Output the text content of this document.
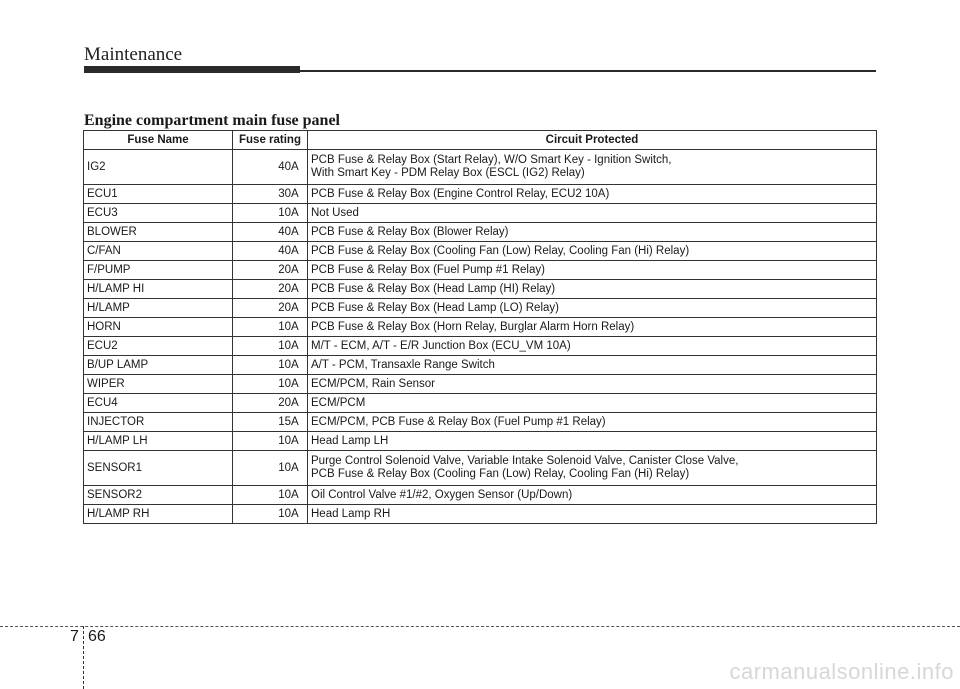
Maintenance
Engine compartment main fuse panel
Fuse Name	Fuse rating	Circuit Protected
IG2	40A	PCB Fuse & Relay Box (Start Relay), W/O Smart Key - Ignition Switch,
With Smart Key - PDM Relay Box (ESCL (IG2) Relay)

ECU1	30A	PCB Fuse & Relay Box (Engine Control Relay, ECU2 10A)

ECU3	10A	Not Used

BLOWER	40A	PCB Fuse & Relay Box (Blower Relay)

C/FAN	40A	PCB Fuse & Relay Box (Cooling Fan (Low) Relay, Cooling Fan (Hi) Relay)

F/PUMP	20A	PCB Fuse & Relay Box (Fuel Pump #1 Relay)

H/LAMP HI	20A	PCB Fuse & Relay Box (Head Lamp (HI) Relay)

H/LAMP	20A	PCB Fuse & Relay Box (Head Lamp (LO) Relay)

HORN	10A	PCB Fuse & Relay Box (Horn Relay, Burglar Alarm Horn Relay)

ECU2	10A	M/T - ECM, A/T - E/R Junction Box (ECU_VM 10A)

B/UP LAMP	10A	A/T - PCM, Transaxle Range Switch

WIPER	10A	ECM/PCM, Rain Sensor

ECU4	20A	ECM/PCM

INJECTOR	15A	ECM/PCM, PCB Fuse & Relay Box (Fuel Pump #1 Relay)

H/LAMP LH	10A	Head Lamp LH

SENSOR1	10A	Purge Control Solenoid Valve, Variable Intake Solenoid Valve, Canister Close Valve,
PCB Fuse & Relay Box (Cooling Fan (Low) Relay, Cooling Fan (Hi) Relay)

SENSOR2	10A	Oil Control Valve #1/#2, Oxygen Sensor (Up/Down)

H/LAMP RH	10A	Head Lamp RH
7 66
carmanualsonline.info
